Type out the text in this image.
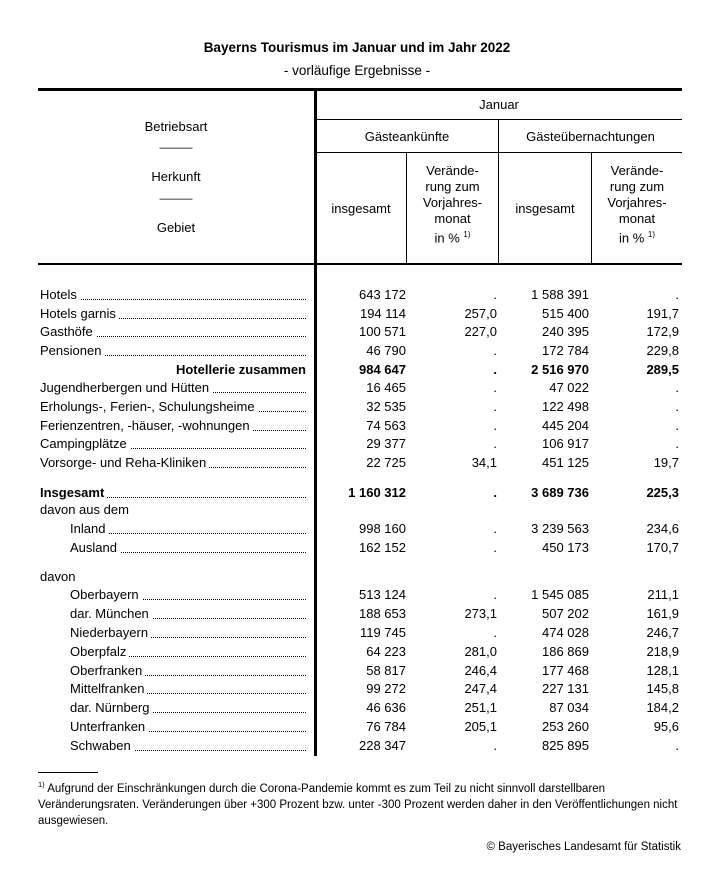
Bayerns Tourismus im Januar und im Jahr 2022
- vorläufige Ergebnisse -
Betriebsart
———
Herkunft
———
Gebiet
Januar
Gästeankünfte	Gästeübernachtungen
insgesamt
Verände-
rung zum
Vorjahres-
monat
in % $^{1)}$
insgesamt
Verände-
rung zum
Vorjahres-
monat
in % $^{1)}$
Hotels	643 172	.	1 588 391	.
Hotels garnis	194 114	257,0	515 400	191,7
Gasthöfe	100 571	227,0	240 395	172,9
Pensionen	46 790	.	172 784	229,8
Hotellerie zusammen	984 647	.	2 516 970	289,5
Jugendherbergen und Hütten	16 465	.	47 022	.
Erholungs-, Ferien-, Schulungsheime	32 535	.	122 498	.
Ferienzentren, -häuser, -wohnungen	74 563	.	445 204	.
Campingplätze	29 377	.	106 917	.
Vorsorge- und Reha-Kliniken	22 725	34,1	451 125	19,7
Insgesamt	1 160 312	.	3 689 736	225,3
davon aus dem
Inland	998 160	.	3 239 563	234,6
Ausland	162 152	.	450 173	170,7
davon
Oberbayern	513 124	.	1 545 085	211,1
dar. München	188 653	273,1	507 202	161,9
Niederbayern	119 745	.	474 028	246,7
Oberpfalz	64 223	281,0	186 869	218,9
Oberfranken	58 817	246,4	177 468	128,1
Mittelfranken	99 272	247,4	227 131	145,8
dar. Nürnberg	46 636	251,1	87 034	184,2
Unterfranken	76 784	205,1	253 260	95,6
Schwaben	228 347	.	825 895	.
$^{1)}$ Aufgrund der Einschränkungen durch die Corona-Pandemie kommt es zum Teil zu nicht sinnvoll darstellbaren Veränderungsraten. Veränderungen über +300 Prozent bzw. unter -300 Prozent werden daher in den Veröffentlichungen nicht ausgewiesen.
© Bayerisches Landesamt für Statistik
